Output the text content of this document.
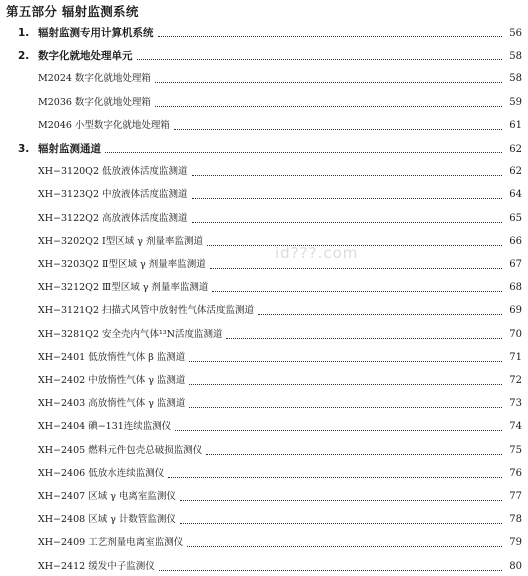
第五部分 辐射监测系统
id???.com
1. 辐射监测专用计算机系统	56
2. 数字化就地处理单元	58
M2024 数字化就地处理箱	58
M2036 数字化就地处理箱	59
M2046 小型数字化就地处理箱	61
3. 辐射监测通道	62
XH−3120Q2 低放液体活度监测道	62
XH−3123Q2 中放液体活度监测道	64
XH−3122Q2 高放液体活度监测道	65
XH−3202Q2 Ⅰ型区域 γ 剂量率监测道	66
XH−3203Q2 Ⅱ型区域 γ 剂量率监测道	67
XH−3212Q2 Ⅲ型区域 γ 剂量率监测道	68
XH−3121Q2 扫描式风管中放射性气体活度监测道	69
XH−3281Q2 安全壳内气体¹³N活度监测道	70
XH−2401 低放惰性气体 β 监测道	71
XH−2402 中放惰性气体 γ 监测道	72
XH−2403 高放惰性气体 γ 监测道	73
XH−2404 碘−131连续监测仪	74
XH−2405 燃料元件包壳总破损监测仪	75
XH−2406 低放水连续监测仪	76
XH−2407 区域 γ 电离室监测仪	77
XH−2408 区域 γ 计数管监测仪	78
XH−2409 工艺剂量电离室监测仪	79
XH−2412 缓发中子监测仪	80
